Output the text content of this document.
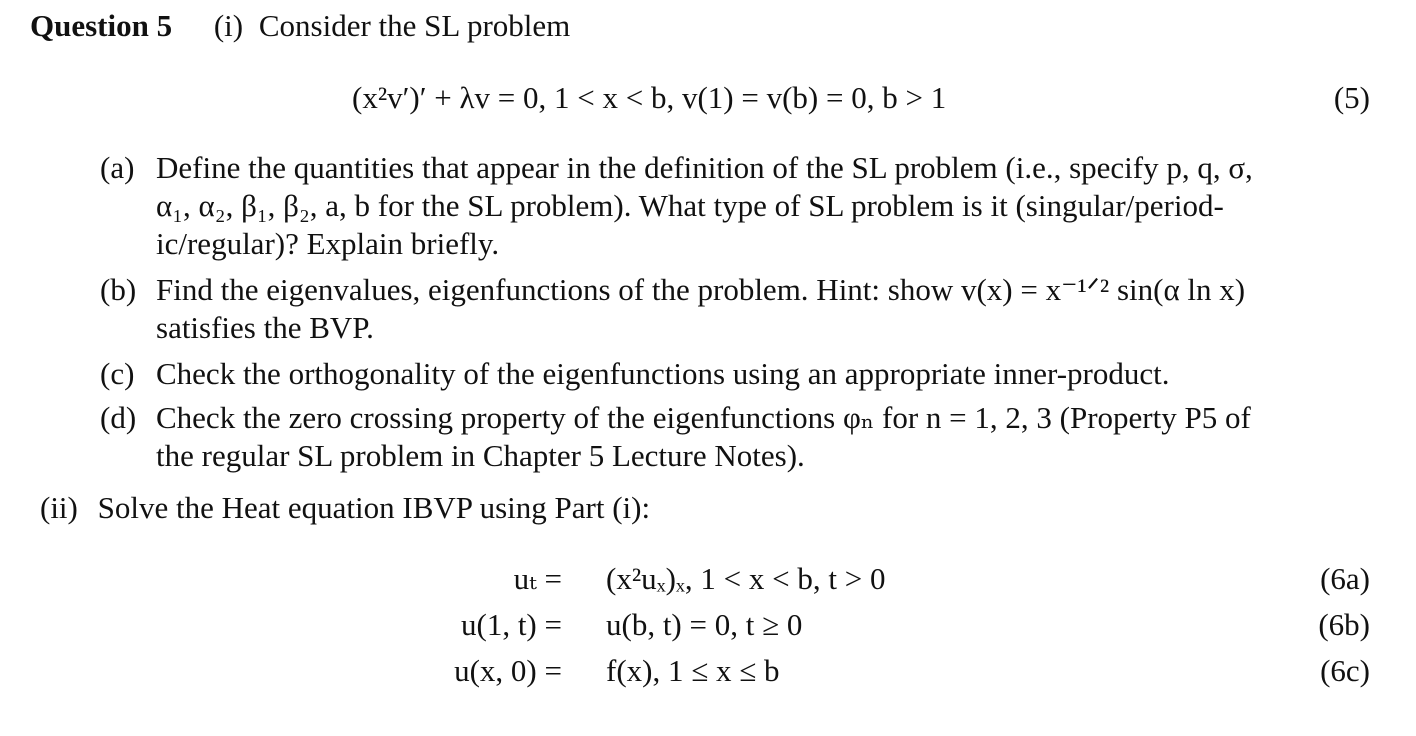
Question 5 (i) Consider the SL problem
(x²v′)′ + λv = 0, 1 < x < b, v(1) = v(b) = 0, b > 1	(5)
(a) Define the quantities that appear in the definition of the SL problem (i.e., specify p, q, σ,
α₁, α₂, β₁, β₂, a, b for the SL problem). What type of SL problem is it (singular/period-
ic/regular)? Explain briefly.
(b) Find the eigenvalues, eigenfunctions of the problem. Hint: show v(x) = x⁻¹ᐟ² sin(α ln x)
satisfies the BVP.
(c) Check the orthogonality of the eigenfunctions using an appropriate inner-product.
(d) Check the zero crossing property of the eigenfunctions φₙ for n = 1, 2, 3 (Property P5 of
the regular SL problem in Chapter 5 Lecture Notes).
(ii) Solve the Heat equation IBVP using Part (i):
uₜ = (x²uₓ)ₓ, 1 < x < b, t > 0	(6a)
u(1, t) = u(b, t) = 0, t ≥ 0	(6b)
u(x, 0) = f(x), 1 ≤ x ≤ b	(6c)
